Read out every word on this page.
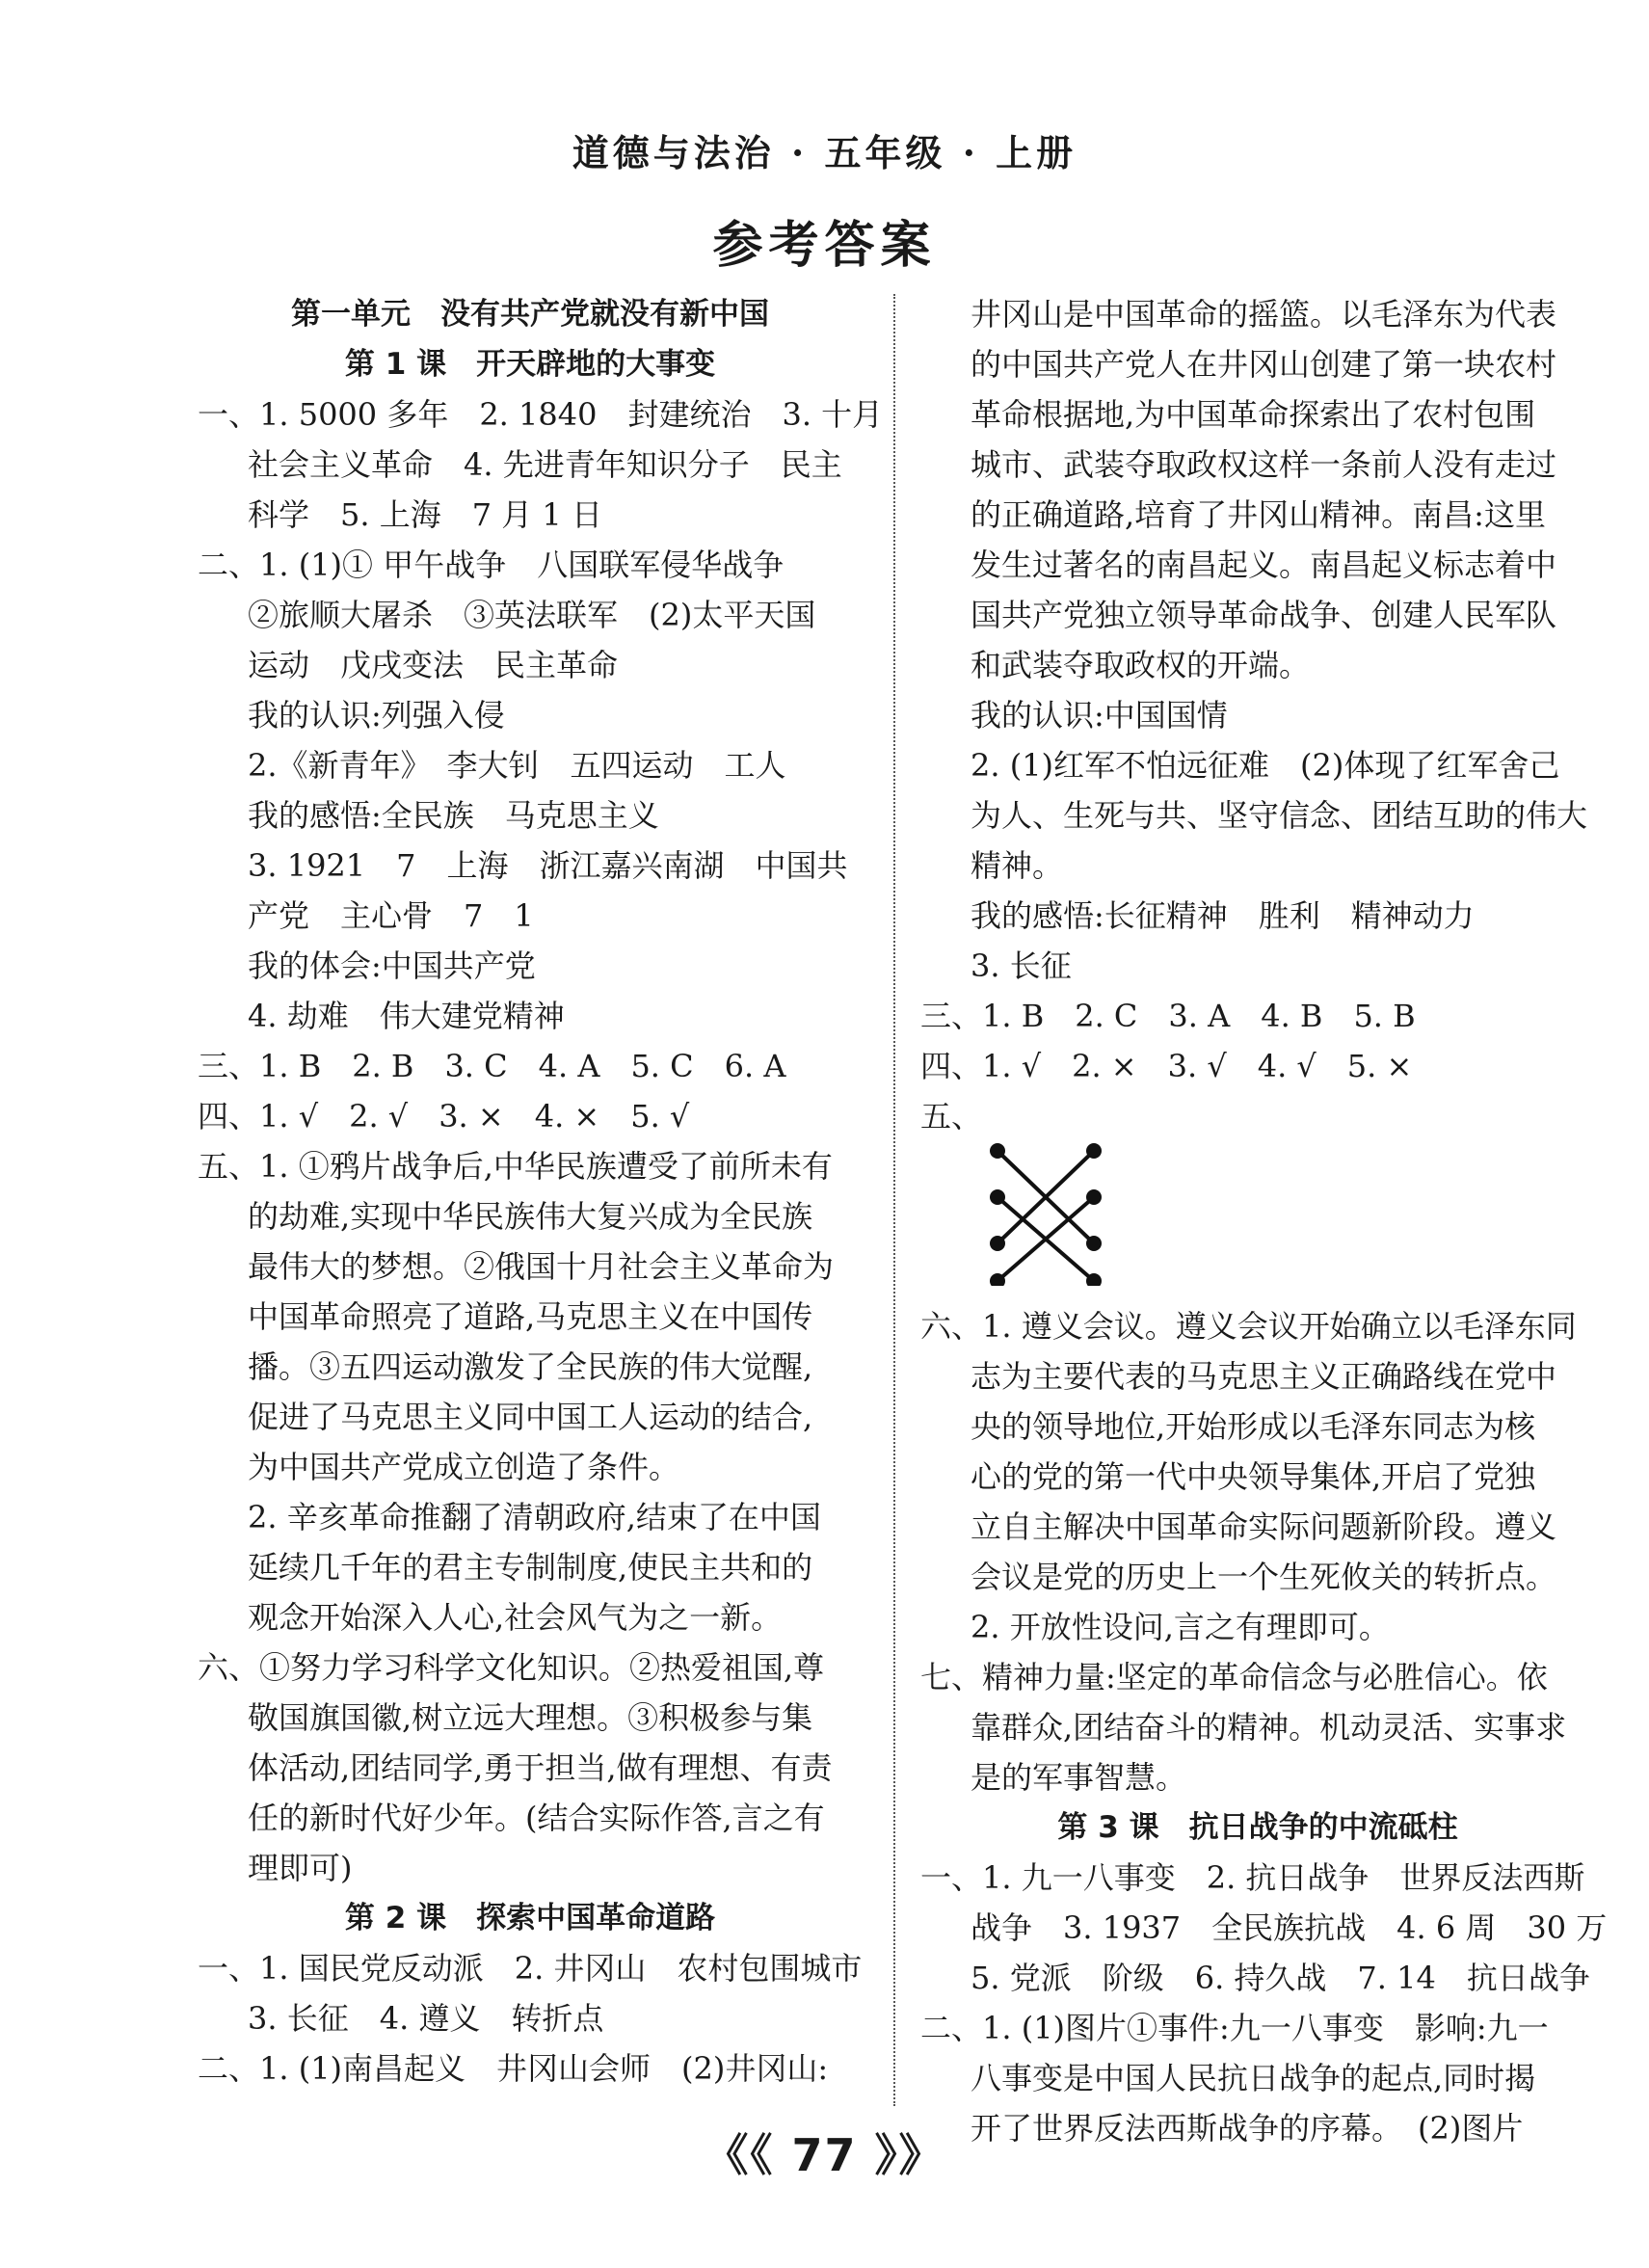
道德与法治 · 五年级 · 上册
参考答案
第一单元　没有共产党就没有新中国
第 1 课　开天辟地的大事变
一、1. 5000 多年　2. 1840　封建统治　3. 十月
社会主义革命　4. 先进青年知识分子　民主
科学　5. 上海　7 月 1 日
二、1. (1)① 甲午战争　八国联军侵华战争
②旅顺大屠杀　③英法联军　(2)太平天国
运动　戊戌变法　民主革命
我的认识:列强入侵
2.《新青年》　李大钊　五四运动　工人
我的感悟:全民族　马克思主义
3. 1921　7　上海　浙江嘉兴南湖　中国共
产党　主心骨　7　1
我的体会:中国共产党
4. 劫难　伟大建党精神
三、1. B　2. B　3. C　4. A　5. C　6. A
四、1. √　2. √　3. ×　4. ×　5. √
五、1. ①鸦片战争后,中华民族遭受了前所未有
的劫难,实现中华民族伟大复兴成为全民族
最伟大的梦想。②俄国十月社会主义革命为
中国革命照亮了道路,马克思主义在中国传
播。③五四运动激发了全民族的伟大觉醒,
促进了马克思主义同中国工人运动的结合,
为中国共产党成立创造了条件。
2. 辛亥革命推翻了清朝政府,结束了在中国
延续几千年的君主专制制度,使民主共和的
观念开始深入人心,社会风气为之一新。
六、①努力学习科学文化知识。②热爱祖国,尊
敬国旗国徽,树立远大理想。③积极参与集
体活动,团结同学,勇于担当,做有理想、有责
任的新时代好少年。(结合实际作答,言之有
理即可)
第 2 课　探索中国革命道路
一、1. 国民党反动派　2. 井冈山　农村包围城市
3. 长征　4. 遵义　转折点
二、1. (1)南昌起义　井冈山会师　(2)井冈山:
井冈山是中国革命的摇篮。以毛泽东为代表
的中国共产党人在井冈山创建了第一块农村
革命根据地,为中国革命探索出了农村包围
城市、武装夺取政权这样一条前人没有走过
的正确道路,培育了井冈山精神。南昌:这里
发生过著名的南昌起义。南昌起义标志着中
国共产党独立领导革命战争、创建人民军队
和武装夺取政权的开端。
我的认识:中国国情
2. (1)红军不怕远征难　(2)体现了红军舍己
为人、生死与共、坚守信念、团结互助的伟大
精神。
我的感悟:长征精神　胜利　精神动力
3. 长征
三、1. B　2. C　3. A　4. B　5. B
四、1. √　2. ×　3. √　4. √　5. ×
五、
六、1. 遵义会议。遵义会议开始确立以毛泽东同
志为主要代表的马克思主义正确路线在党中
央的领导地位,开始形成以毛泽东同志为核
心的党的第一代中央领导集体,开启了党独
立自主解决中国革命实际问题新阶段。遵义
会议是党的历史上一个生死攸关的转折点。
2. 开放性设问,言之有理即可。
七、精神力量:坚定的革命信念与必胜信心。依
靠群众,团结奋斗的精神。机动灵活、实事求
是的军事智慧。
第 3 课　抗日战争的中流砥柱
一、1. 九一八事变　2. 抗日战争　世界反法西斯
战争　3. 1937　全民族抗战　4. 6 周　30 万
5. 党派　阶级　6. 持久战　7. 14　抗日战争
二、1. (1)图片①事件:九一八事变　影响:九一
八事变是中国人民抗日战争的起点,同时揭
开了世界反法西斯战争的序幕。　(2)图片
《《 77 》》
